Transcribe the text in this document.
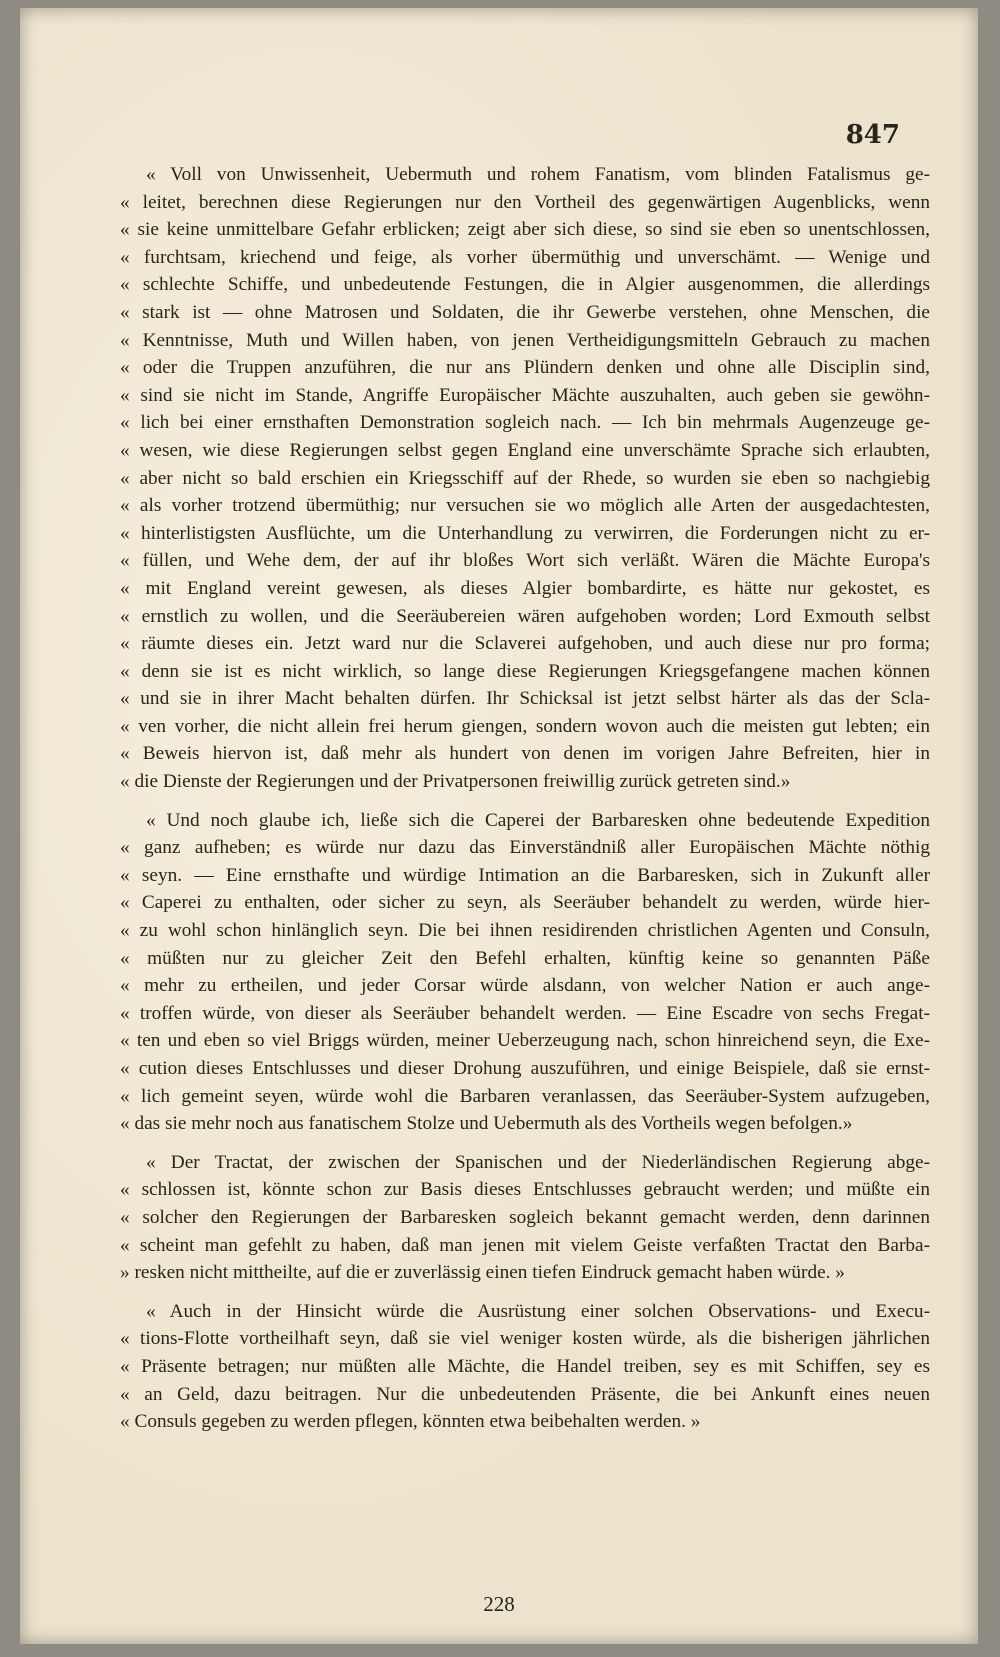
847

« Voll von Unwissenheit, Uebermuth und rohem Fanatism, vom blinden Fatalismus ge-
« leitet, berechnen diese Regierungen nur den Vortheil des gegenwärtigen Augenblicks, wenn
« sie keine unmittelbare Gefahr erblicken; zeigt aber sich diese, so sind sie eben so unentschlossen,
« furchtsam, kriechend und feige, als vorher übermüthig und unverschämt. — Wenige und
« schlechte Schiffe, und unbedeutende Festungen, die in Algier ausgenommen, die allerdings
« stark ist — ohne Matrosen und Soldaten, die ihr Gewerbe verstehen, ohne Menschen, die
« Kenntnisse, Muth und Willen haben, von jenen Vertheidigungsmitteln Gebrauch zu machen
« oder die Truppen anzuführen, die nur ans Plündern denken und ohne alle Disciplin sind,
« sind sie nicht im Stande, Angriffe Europäischer Mächte auszuhalten, auch geben sie gewöhn-
« lich bei einer ernsthaften Demonstration sogleich nach. — Ich bin mehrmals Augenzeuge ge-
« wesen, wie diese Regierungen selbst gegen England eine unverschämte Sprache sich erlaubten,
« aber nicht so bald erschien ein Kriegsschiff auf der Rhede, so wurden sie eben so nachgiebig
« als vorher trotzend übermüthig; nur versuchen sie wo möglich alle Arten der ausgedachtesten,
« hinterlistigsten Ausflüchte, um die Unterhandlung zu verwirren, die Forderungen nicht zu er-
« füllen, und Wehe dem, der auf ihr bloßes Wort sich verläßt. Wären die Mächte Europa's
« mit England vereint gewesen, als dieses Algier bombardirte, es hätte nur gekostet, es
« ernstlich zu wollen, und die Seeräubereien wären aufgehoben worden; Lord Exmouth selbst
« räumte dieses ein. Jetzt ward nur die Sclaverei aufgehoben, und auch diese nur pro forma;
« denn sie ist es nicht wirklich, so lange diese Regierungen Kriegsgefangene machen können
« und sie in ihrer Macht behalten dürfen. Ihr Schicksal ist jetzt selbst härter als das der Scla-
« ven vorher, die nicht allein frei herum giengen, sondern wovon auch die meisten gut lebten; ein
« Beweis hiervon ist, daß mehr als hundert von denen im vorigen Jahre Befreiten, hier in
« die Dienste der Regierungen und der Privatpersonen freiwillig zurück getreten sind.»

« Und noch glaube ich, ließe sich die Caperei der Barbaresken ohne bedeutende Expedition
« ganz aufheben; es würde nur dazu das Einverständniß aller Europäischen Mächte nöthig
« seyn. — Eine ernsthafte und würdige Intimation an die Barbaresken, sich in Zukunft aller
« Caperei zu enthalten, oder sicher zu seyn, als Seeräuber behandelt zu werden, würde hier-
« zu wohl schon hinlänglich seyn. Die bei ihnen residirenden christlichen Agenten und Consuln,
« müßten nur zu gleicher Zeit den Befehl erhalten, künftig keine so genannten Päße
« mehr zu ertheilen, und jeder Corsar würde alsdann, von welcher Nation er auch ange-
« troffen würde, von dieser als Seeräuber behandelt werden. — Eine Escadre von sechs Fregat-
« ten und eben so viel Briggs würden, meiner Ueberzeugung nach, schon hinreichend seyn, die Exe-
« cution dieses Entschlusses und dieser Drohung auszuführen, und einige Beispiele, daß sie ernst-
« lich gemeint seyen, würde wohl die Barbaren veranlassen, das Seeräuber-System aufzugeben,
« das sie mehr noch aus fanatischem Stolze und Uebermuth als des Vortheils wegen befolgen.»

« Der Tractat, der zwischen der Spanischen und der Niederländischen Regierung abge-
« schlossen ist, könnte schon zur Basis dieses Entschlusses gebraucht werden; und müßte ein
« solcher den Regierungen der Barbaresken sogleich bekannt gemacht werden, denn darinnen
« scheint man gefehlt zu haben, daß man jenen mit vielem Geiste verfaßten Tractat den Barba-
» resken nicht mittheilte, auf die er zuverlässig einen tiefen Eindruck gemacht haben würde. »

« Auch in der Hinsicht würde die Ausrüstung einer solchen Observations- und Execu-
« tions-Flotte vortheilhaft seyn, daß sie viel weniger kosten würde, als die bisherigen jährlichen
« Präsente betragen; nur müßten alle Mächte, die Handel treiben, sey es mit Schiffen, sey es
« an Geld, dazu beitragen. Nur die unbedeutenden Präsente, die bei Ankunft eines neuen
« Consuls gegeben zu werden pflegen, könnten etwa beibehalten werden. »

228
